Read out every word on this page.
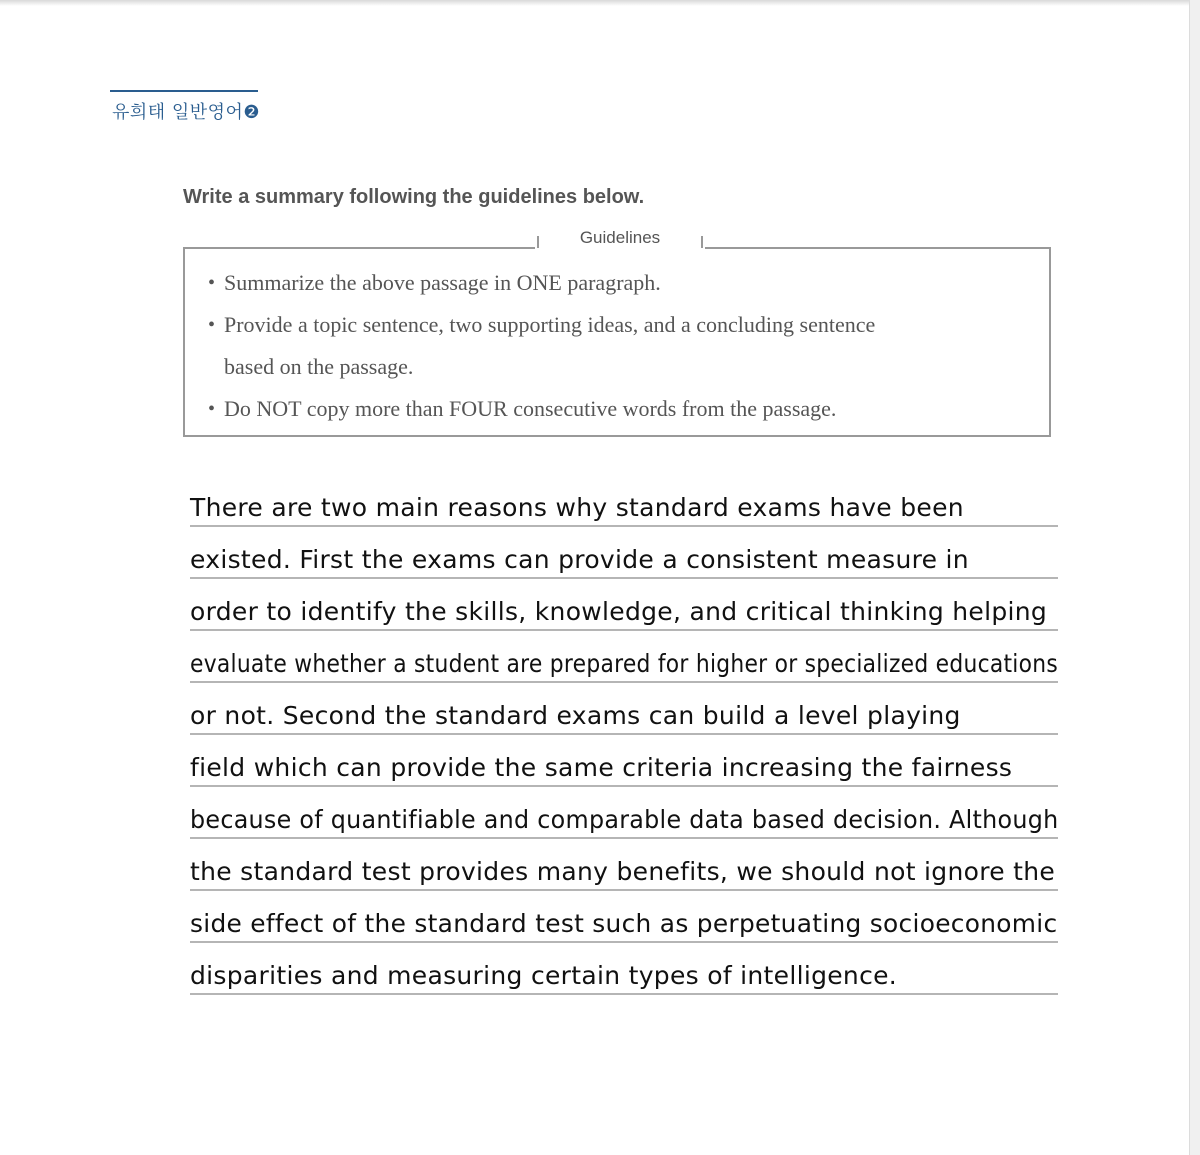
유희태 일반영어❷
Write a summary following the guidelines below.
Guidelines
• Summarize the above passage in ONE paragraph.
• Provide a topic sentence, two supporting ideas, and a concluding sentence
based on the passage.
• Do NOT copy more than FOUR consecutive words from the passage.
There are two main reasons why standard exams have been
existed. First the exams can provide a consistent measure in
order to identify the skills, knowledge, and critical thinking helping
evaluate whether a student are prepared for higher or specialized educations
or not. Second the standard exams can build a level playing
field which can provide the same criteria increasing the fairness
because of quantifiable and comparable data based decision. Although
the standard test provides many benefits, we should not ignore the
side effect of the standard test such as perpetuating socioeconomic
disparities and measuring certain types of intelligence.
